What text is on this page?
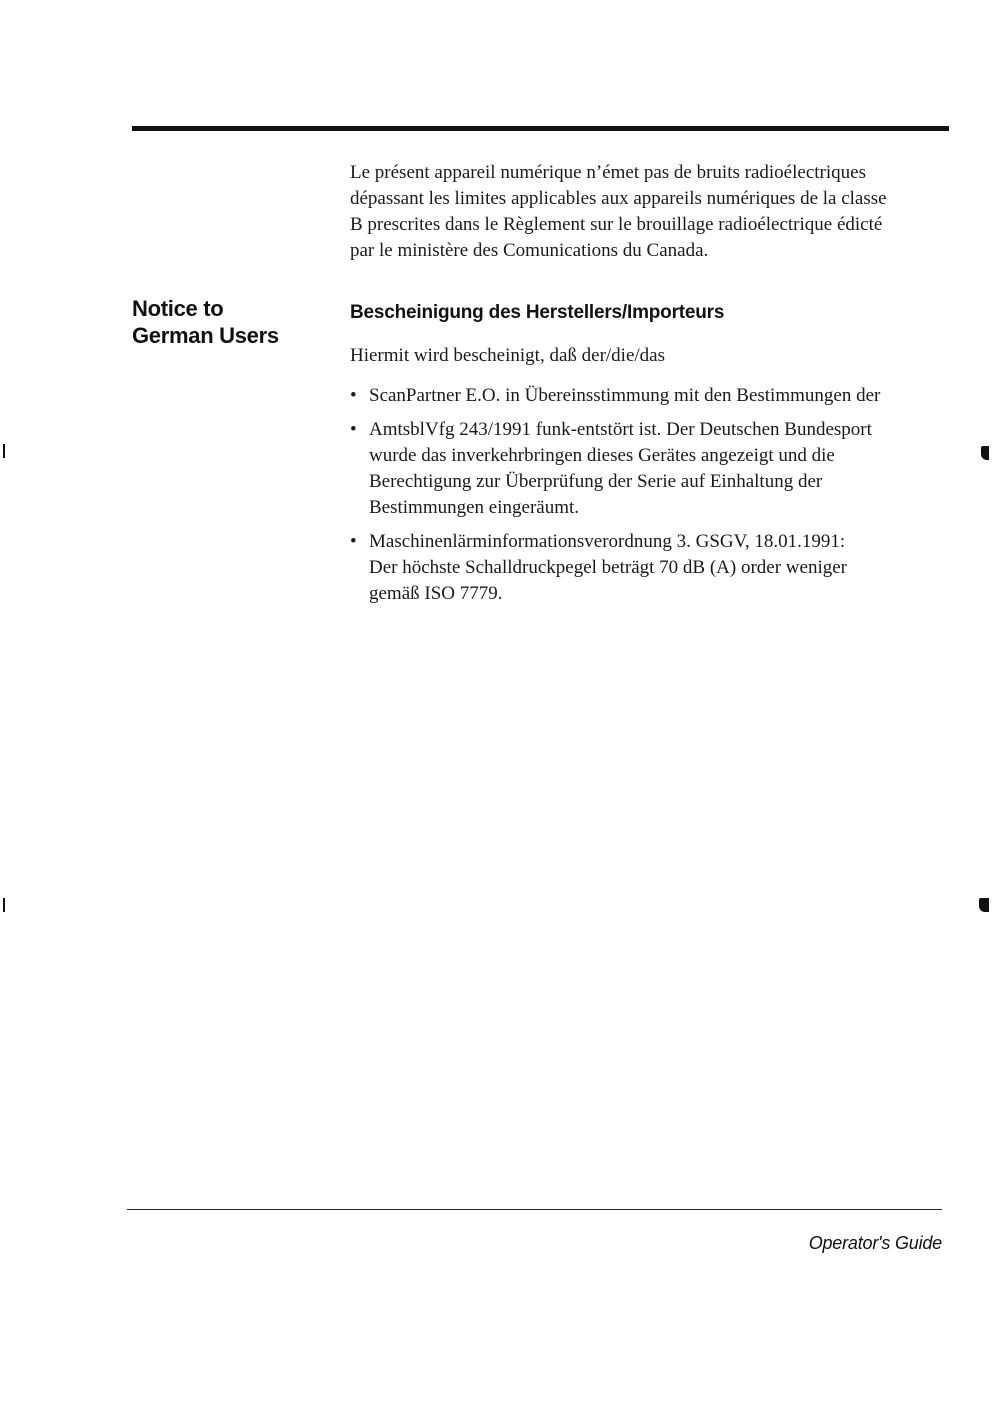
Le présent appareil numérique n’émet pas de bruits radioélectriques
dépassant les limites applicables aux appareils numériques de la classe
B prescrites dans le Règlement sur le brouillage radioélectrique édicté
par le ministère des Comunications du Canada.

Notice to
German Users
Bescheinigung des Herstellers/Importeurs

Hiermit wird bescheinigt, daß der/die/das

• ScanPartner E.O. in Übereinsstimmung mit den Bestimmungen der
• AmtsblVfg 243/1991 funk-entstört ist. Der Deutschen Bundesport
wurde das inverkehrbringen dieses Gerätes angezeigt und die
Berechtigung zur Überprüfung der Serie auf Einhaltung der
Bestimmungen eingeräumt.
• Maschinenlärminformationsverordnung 3. GSGV, 18.01.1991:
Der höchste Schalldruckpegel beträgt 70 dB (A) order weniger
gemäß ISO 7779.
Operator's Guide
